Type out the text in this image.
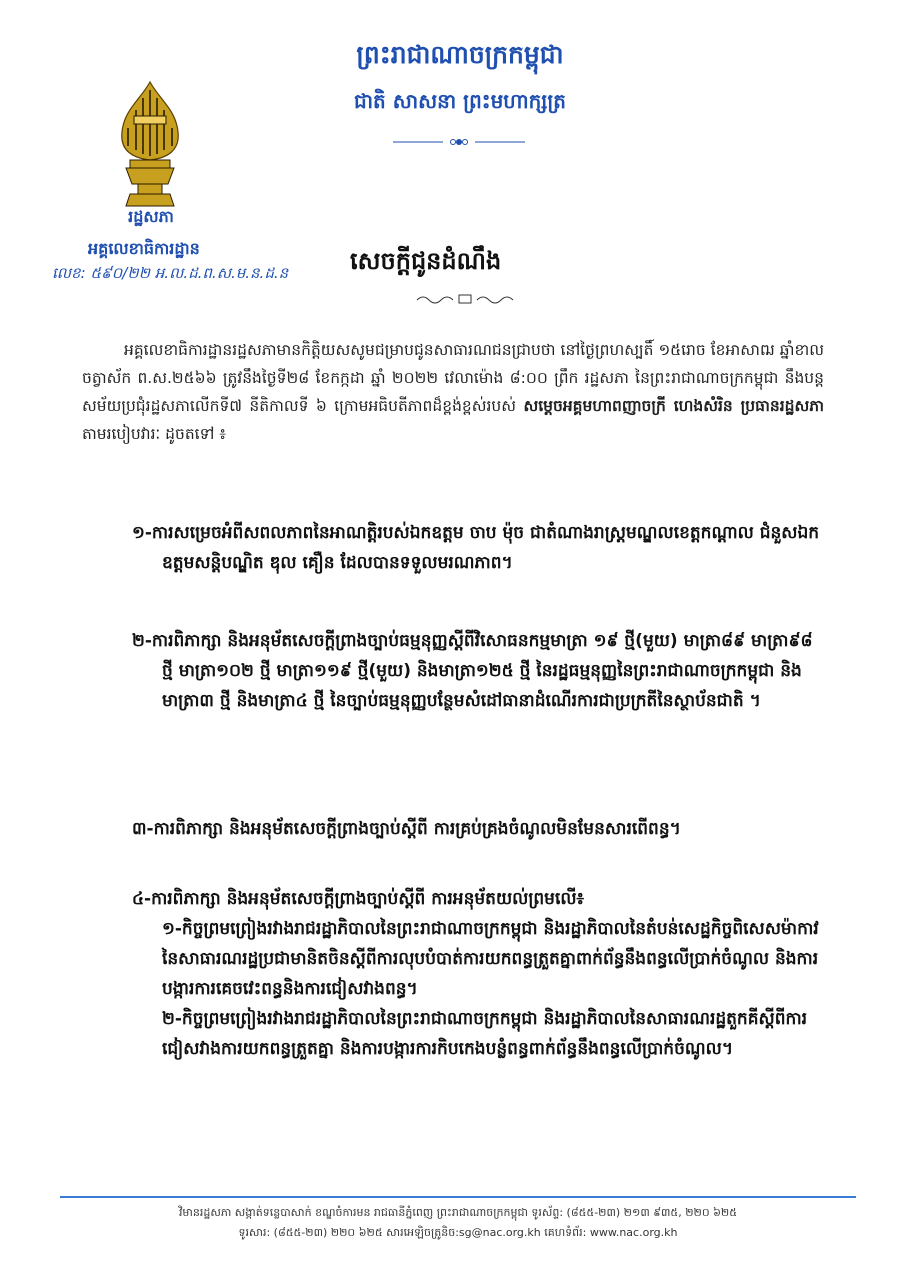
ព្រះរាជាណាចក្រកម្ពុជា
ជាតិ សាសនា ព្រះមហាក្សត្រ
រដ្ឋសភា
អគ្គលេខាធិការដ្ឋាន
លេខ: ៥៩០/២២ អ.ល.ដ.ព.ស.ម.ន.ដ.ន	សេចក្តីជូនដំណឹង
អគ្គលេខាធិការដ្ឋានរដ្ឋសភាមានកិត្តិយសសូមជម្រាបជូនសាធារណជនជ្រាបថា នៅថ្ងៃព្រហស្បតិ៍ ១៥រោច ខែអាសាឍ ឆ្នាំខាល ចត្វាស័ក ព.ស.២៥៦៦ ត្រូវនឹងថ្ងៃទី២៨ ខែកក្កដា ឆ្នាំ ២០២២ វេលាម៉ោង ៨:០០ ព្រឹក រដ្ឋសភា នៃព្រះរាជាណាចក្រកម្ពុជា នឹងបន្តសម័យប្រជុំរដ្ឋសភាលើកទី៧ នីតិកាលទី ៦ ក្រោមអធិបតីភាពដ៏ខ្ពង់ខ្ពស់របស់ សម្តេចអគ្គមហាពញាចក្រី ហេងសំរិន ប្រធានរដ្ឋសភា តាមរបៀបវារៈ ដូចតទៅ ៖
១-ការសម្រេចអំពីសពលភាពនៃអាណត្តិរបស់ឯកឧត្តម ចាប ម៉ុច ជាតំណាងរាស្ត្រមណ្ឌលខេត្តកណ្តាល ជំនួសឯកឧត្តមសន្តិបណ្ឌិត ឌុល គឿន ដែលបានទទួលមរណភាព។
២-ការពិភាក្សា និងអនុម័តសេចក្តីព្រាងច្បាប់ធម្មនុញ្ញស្តីពីវិសោធនកម្មមាត្រា ១៩ ថ្មី(មួយ) មាត្រា៨៩ មាត្រា៩៨ ថ្មី មាត្រា១០២ ថ្មី មាត្រា១១៩ ថ្មី(មួយ) និងមាត្រា១២៥ ថ្មី នៃរដ្ឋធម្មនុញ្ញនៃព្រះរាជាណាចក្រកម្ពុជា និងមាត្រា៣ ថ្មី និងមាត្រា៤ ថ្មី នៃច្បាប់ធម្មនុញ្ញបន្ថែមសំដៅធានាដំណើរការជាប្រក្រតីនៃស្ថាប័នជាតិ ។
៣-ការពិភាក្សា និងអនុម័តសេចក្តីព្រាងច្បាប់ស្តីពី ការគ្រប់គ្រងចំណូលមិនមែនសារពើពន្ធ។
៤-ការពិភាក្សា និងអនុម័តសេចក្តីព្រាងច្បាប់ស្តីពី ការអនុម័តយល់ព្រមលើ៖
១-កិច្ចព្រមព្រៀងរវាងរាជរដ្ឋាភិបាលនៃព្រះរាជាណាចក្រកម្ពុជា និងរដ្ឋាភិបាលនៃតំបន់សេដ្ឋកិច្ចពិសេសម៉ាកាវ នៃសាធារណរដ្ឋប្រជាមានិតចិនស្តីពីការលុបបំបាត់ការយកពន្ធត្រួតគ្នាពាក់ព័ន្ធនឹងពន្ធលើប្រាក់ចំណូល និងការបង្ការការគេចវេះពន្ធនិងការជៀសវាងពន្ធ។
២-កិច្ចព្រមព្រៀងរវាងរាជរដ្ឋាភិបាលនៃព្រះរាជាណាចក្រកម្ពុជា និងរដ្ឋាភិបាលនៃសាធារណរដ្ឋតួកគីស្តីពីការ ជៀសវាងការយកពន្ធត្រួតគ្នា និងការបង្ការការកិបកេងបន្លំពន្ធពាក់ព័ន្ធនឹងពន្ធលើប្រាក់ចំណូល។
វិមានរដ្ឋសភា សង្កាត់ទន្លេបាសាក់ ខណ្ឌចំការមន រាជធានីភ្នំពេញ ព្រះរាជាណាចក្រកម្ពុជា ទូរស័ព្ទ: (៨៥៥-២៣) ២១៣ ៩៣៥, ២២០ ៦២៥
ទូរសារ: (៨៥៥-២៣) ២២០ ៦២៥ សារអេឡិចត្រូនិច:sg@nac.org.kh គេហទំព័រ: www.nac.org.kh
